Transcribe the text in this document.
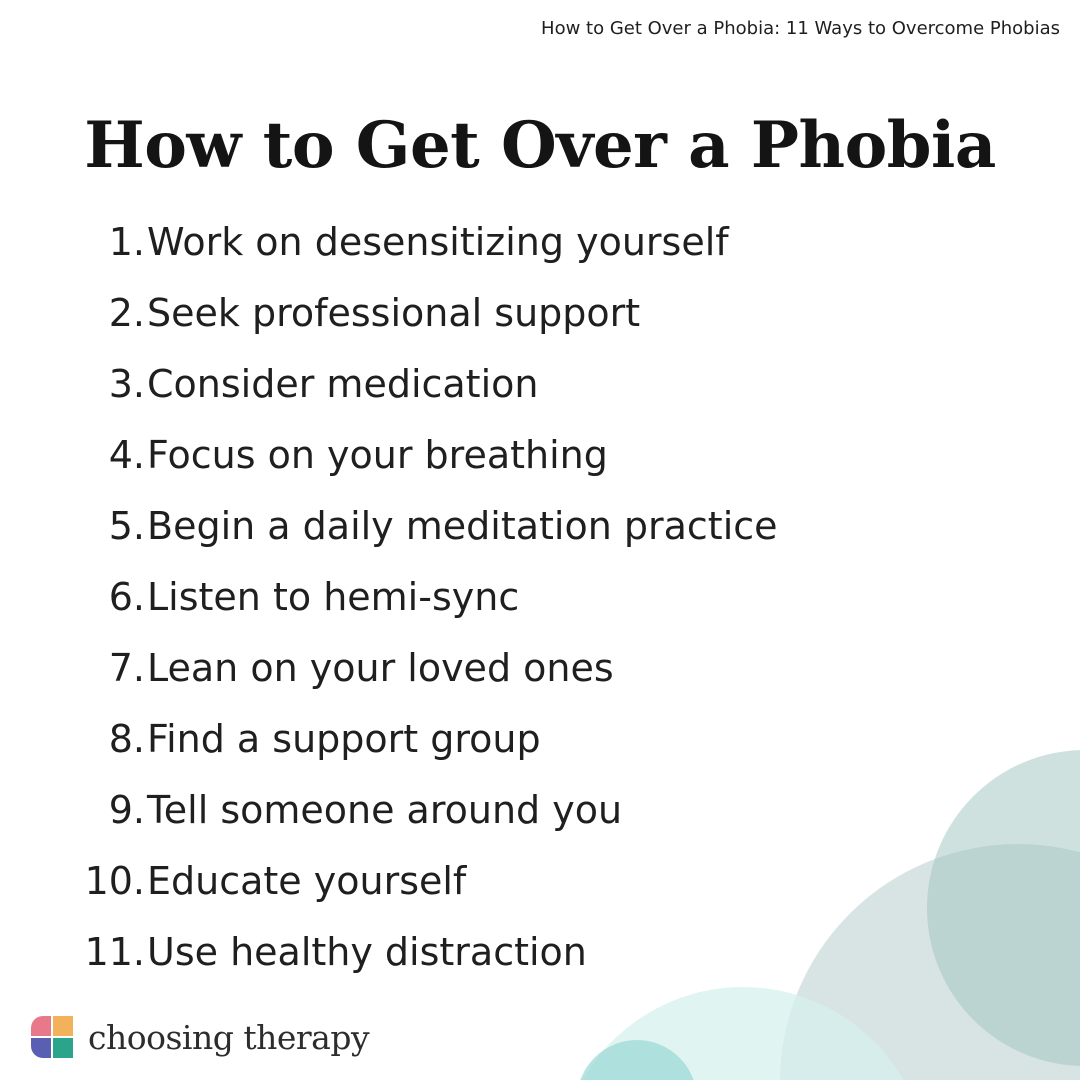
How to Get Over a Phobia: 11 Ways to Overcome Phobias
How to Get Over a Phobia
1. Work on desensitizing yourself
2. Seek professional support
3. Consider medication
4. Focus on your breathing
5. Begin a daily meditation practice
6. Listen to hemi-sync
7. Lean on your loved ones
8. Find a support group
9. Tell someone around you
10. Educate yourself
11. Use healthy distraction
choosing therapy
